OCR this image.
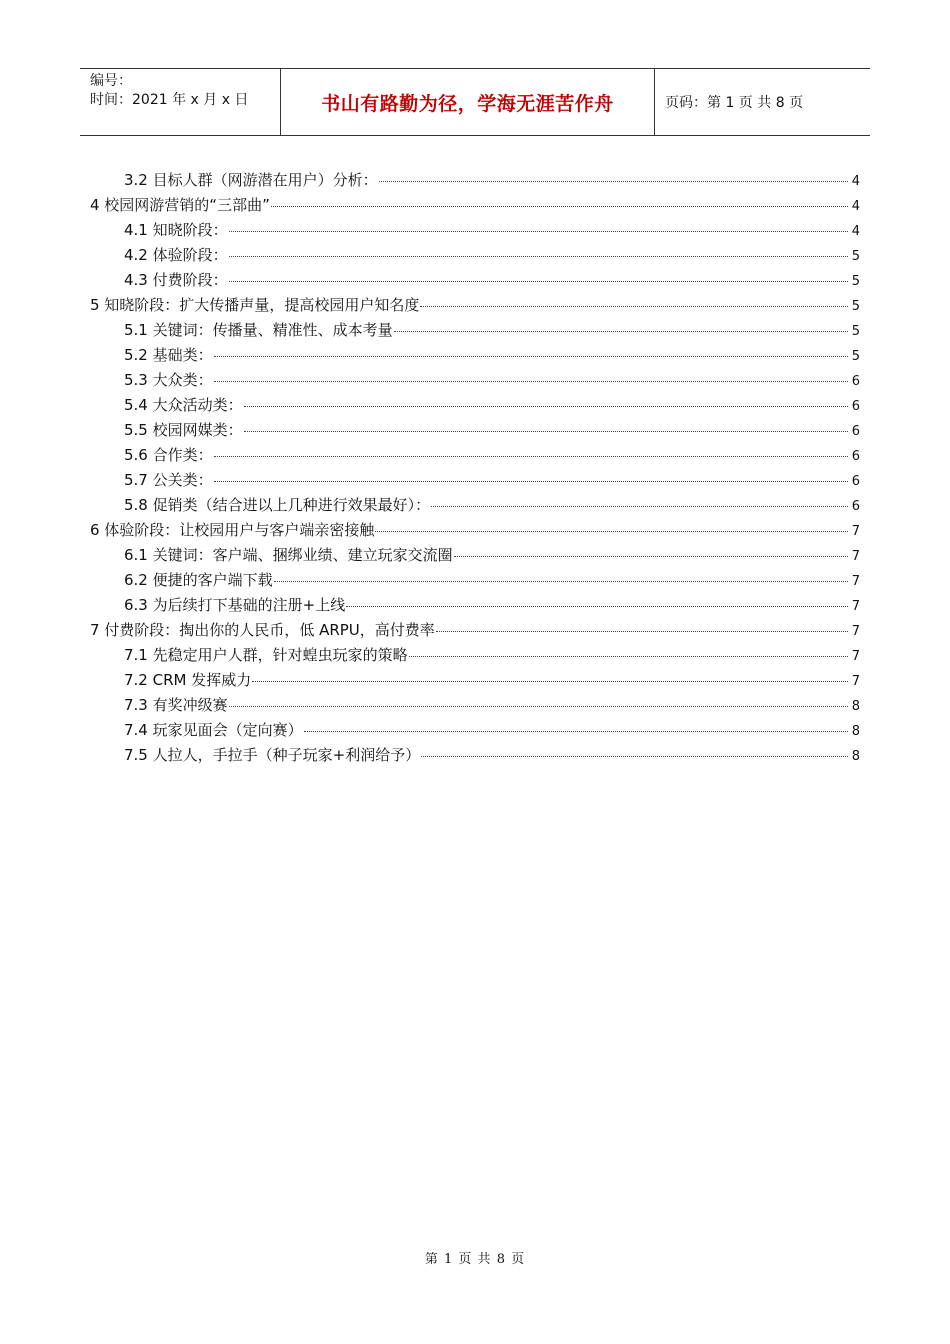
编号：
时间：2021 年 x 月 x 日	书山有路勤为径，学海无涯苦作舟	页码：第 1 页 共 8 页
3.2 目标人群（网游潜在用户）分析：	4
4 校园网游营销的“三部曲”	4
4.1 知晓阶段：	4
4.2 体验阶段：	5
4.3 付费阶段：	5
5 知晓阶段：扩大传播声量，提高校园用户知名度	5
5.1 关键词：传播量、精准性、成本考量	5
5.2 基础类：	5
5.3 大众类：	6
5.4 大众活动类：	6
5.5 校园网媒类：	6
5.6 合作类：	6
5.7 公关类：	6
5.8 促销类（结合进以上几种进行效果最好）：	6
6 体验阶段：让校园用户与客户端亲密接触	7
6.1 关键词：客户端、捆绑业绩、建立玩家交流圈	7
6.2 便捷的客户端下载	7
6.3 为后续打下基础的注册+上线	7
7 付费阶段：掏出你的人民币，低 ARPU，高付费率	7
7.1 先稳定用户人群，针对蝗虫玩家的策略	7
7.2 CRM 发挥威力	7
7.3 有奖冲级赛	8
7.4 玩家见面会（定向赛）	8
7.5 人拉人，手拉手（种子玩家+利润给予）	8
第 1 页 共 8 页
